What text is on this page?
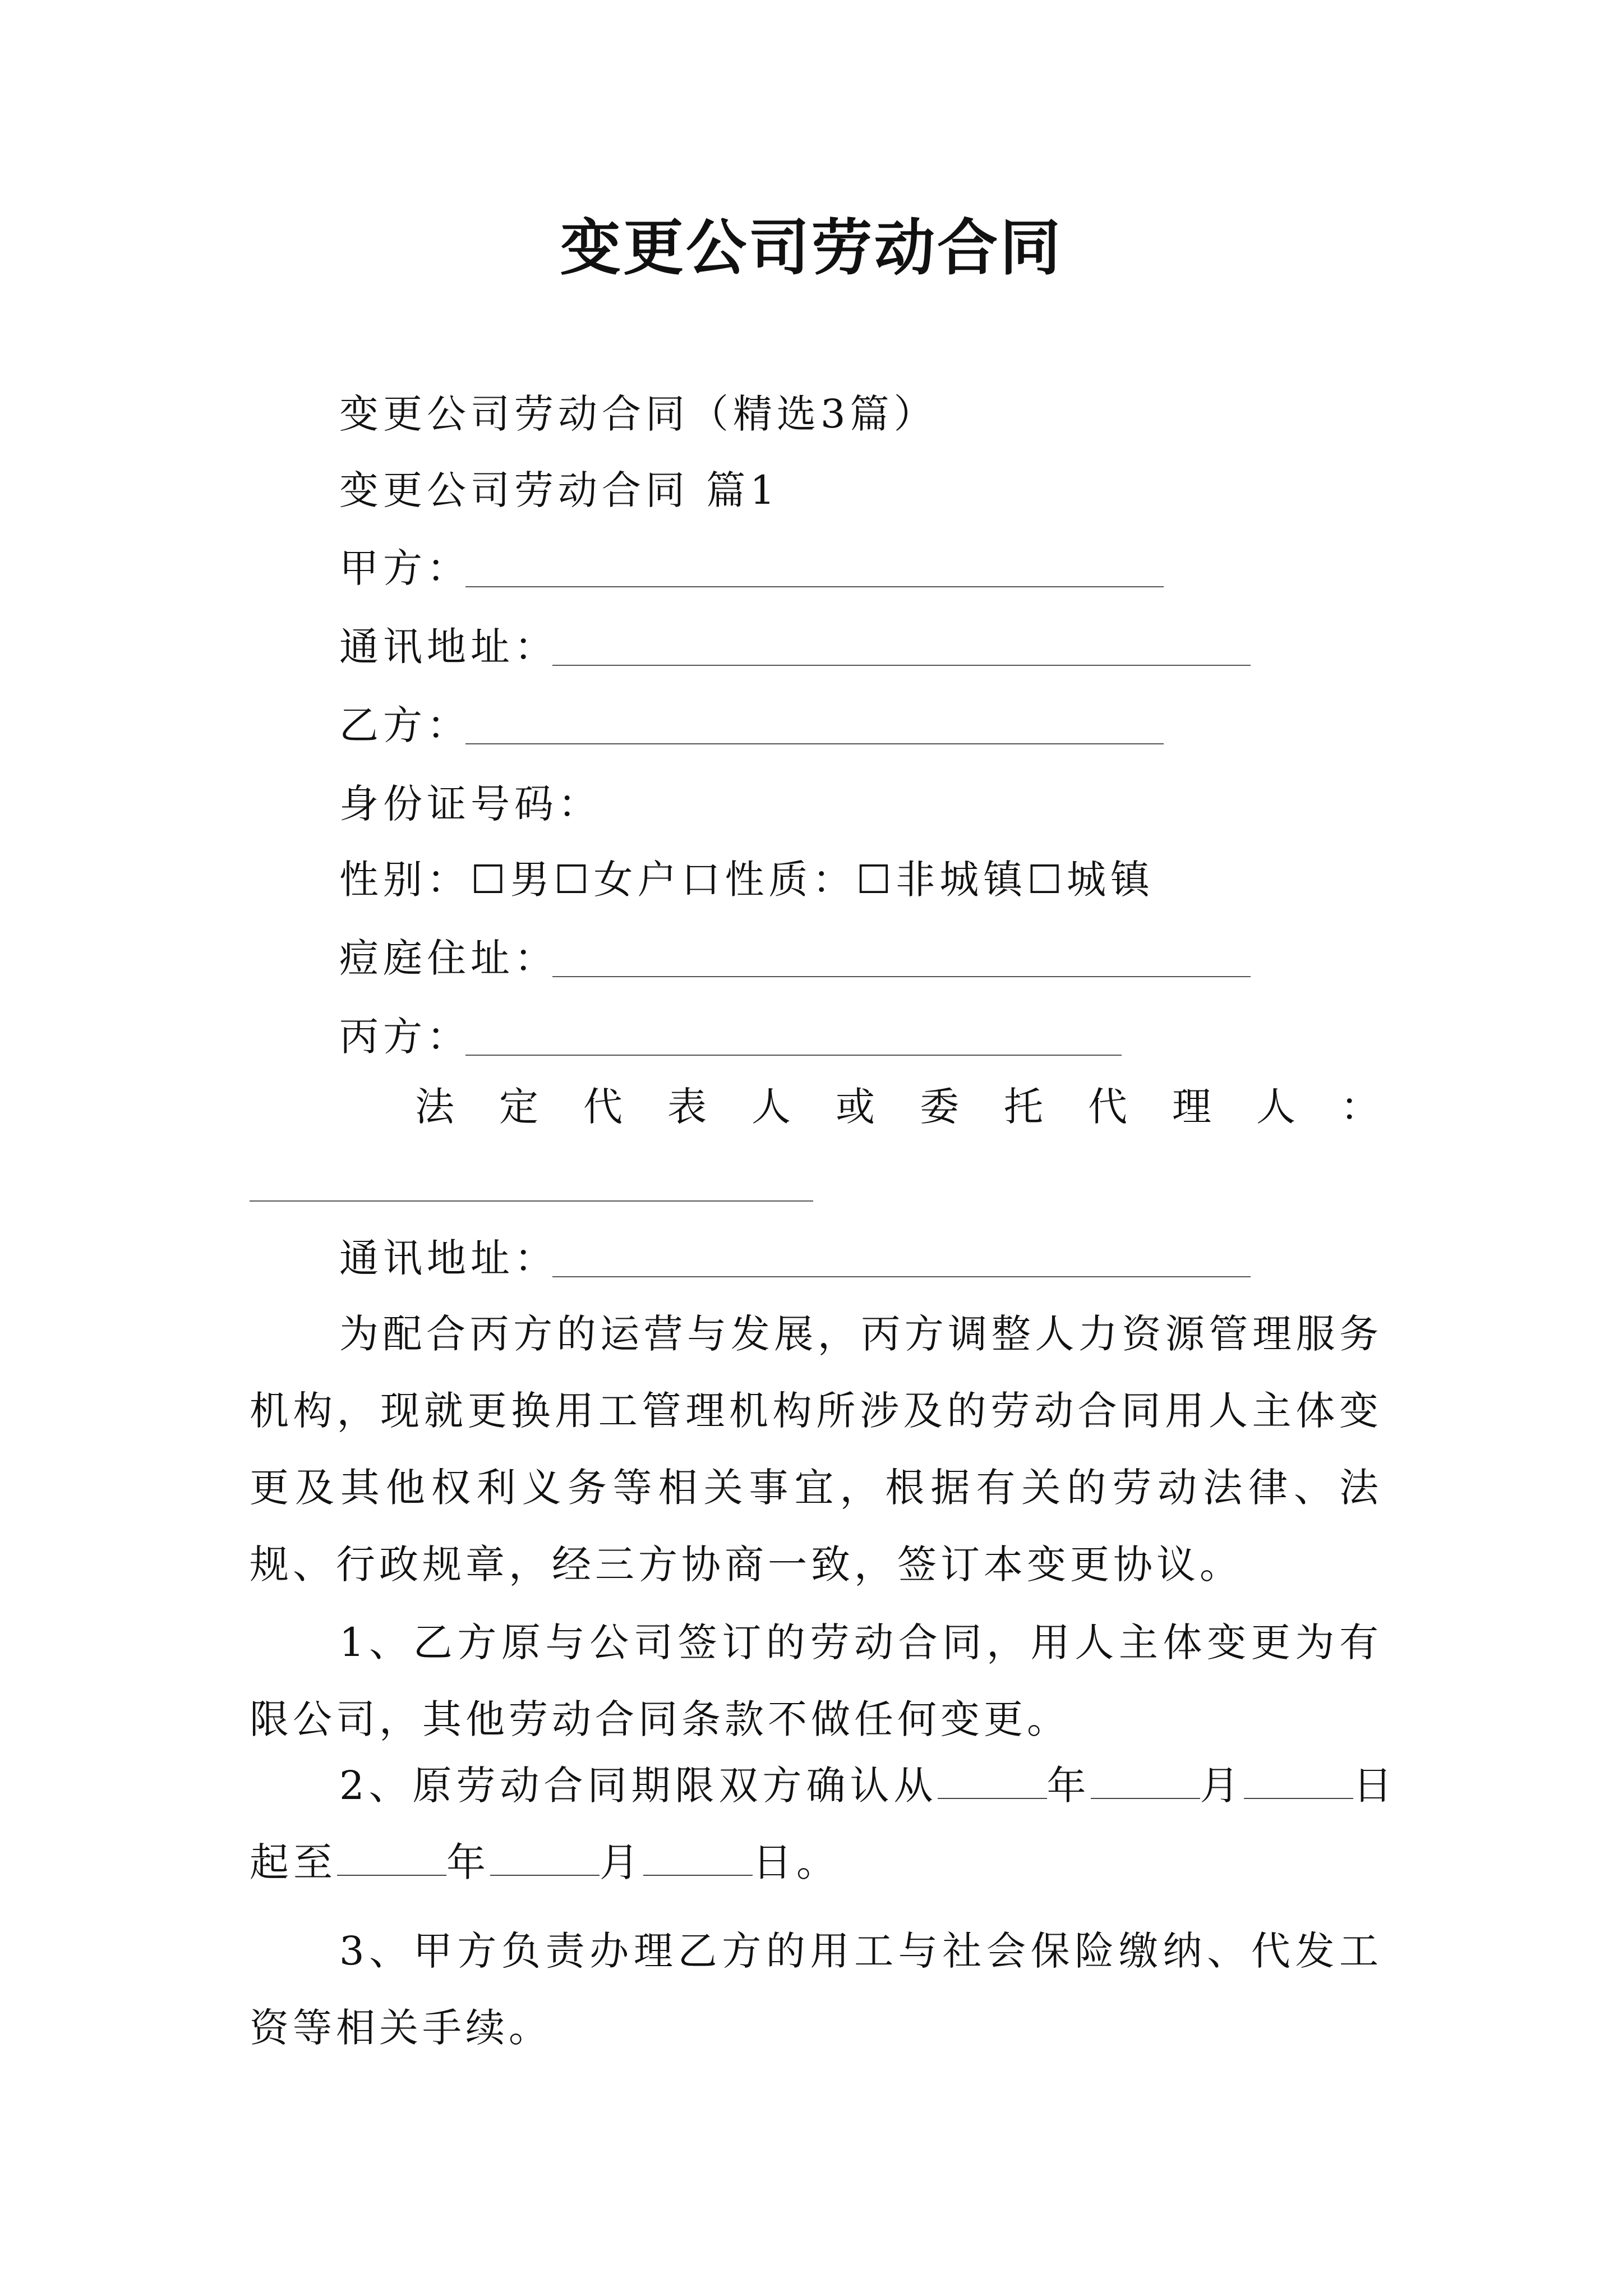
变更公司劳动合同
变更公司劳动合同（精选3篇）
变更公司劳动合同 篇1
甲方：
通讯地址：
乙方：
身份证号码：
性别：☐男☐女户口性质：☐非城镇☐城镇
痘庭住址：
丙方：
法定代表人或委托代理人：
通讯地址：
为配合丙方的运营与发展，丙方调整人力资源管理服务机构，现就更换用工管理机构所涉及的劳动合同用人主体变更及其他权利义务等相关事宜，根据有关的劳动法律、法规、行政规章，经三方协商一致，签订本变更协议。
1、乙方原与公司签订的劳动合同，用人主体变更为有限公司，其他劳动合同条款不做任何变更。
2、原劳动合同期限双方确认从	年	月	日
起至	年	月	日。
3、甲方负责办理乙方的用工与社会保险缴纳、代发工资等相关手续。
